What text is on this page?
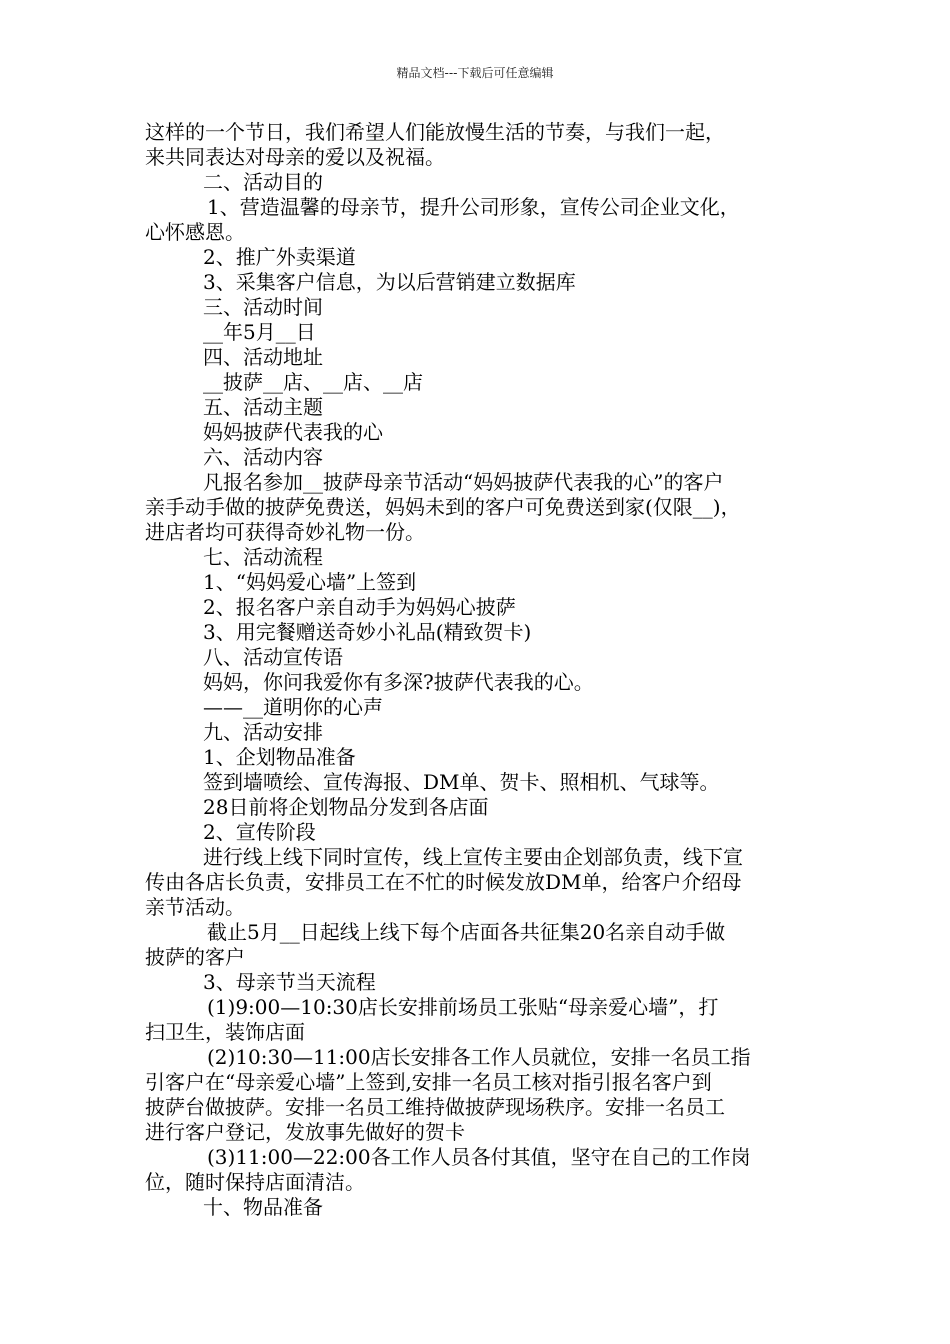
精品文档---下载后可任意编辑
这样的一个节日，我们希望人们能放慢生活的节奏，与我们一起，
来共同表达对母亲的爱以及祝福。
二、活动目的
1、营造温馨的母亲节，提升公司形象，宣传公司企业文化，
心怀感恩。
2、推广外卖渠道
3、采集客户信息，为以后营销建立数据库
三、活动时间
__年5月__日
四、活动地址
__披萨__店、__店、__店
五、活动主题
妈妈披萨代表我的心
六、活动内容
凡报名参加__披萨母亲节活动“妈妈披萨代表我的心”的客户
亲手动手做的披萨免费送，妈妈未到的客户可免费送到家(仅限__)，
进店者均可获得奇妙礼物一份。
七、活动流程
1、“妈妈爱心墙”上签到
2、报名客户亲自动手为妈妈心披萨
3、用完餐赠送奇妙小礼品(精致贺卡)
八、活动宣传语
妈妈，你问我爱你有多深?披萨代表我的心。
——__道明你的心声
九、活动安排
1、企划物品准备
签到墙喷绘、宣传海报、DM单、贺卡、照相机、气球等。
28日前将企划物品分发到各店面
2、宣传阶段
进行线上线下同时宣传，线上宣传主要由企划部负责，线下宣
传由各店长负责，安排员工在不忙的时候发放DM单，给客户介绍母
亲节活动。
截止5月__日起线上线下每个店面各共征集20名亲自动手做
披萨的客户
3、母亲节当天流程
(1)9:00—10:30店长安排前场员工张贴“母亲爱心墙”，打
扫卫生，装饰店面
(2)10:30—11:00店长安排各工作人员就位，安排一名员工指
引客户在“母亲爱心墙”上签到,安排一名员工核对指引报名客户到
披萨台做披萨。安排一名员工维持做披萨现场秩序。安排一名员工
进行客户登记，发放事先做好的贺卡
(3)11:00—22:00各工作人员各付其值，坚守在自己的工作岗
位，随时保持店面清洁。
十、物品准备
